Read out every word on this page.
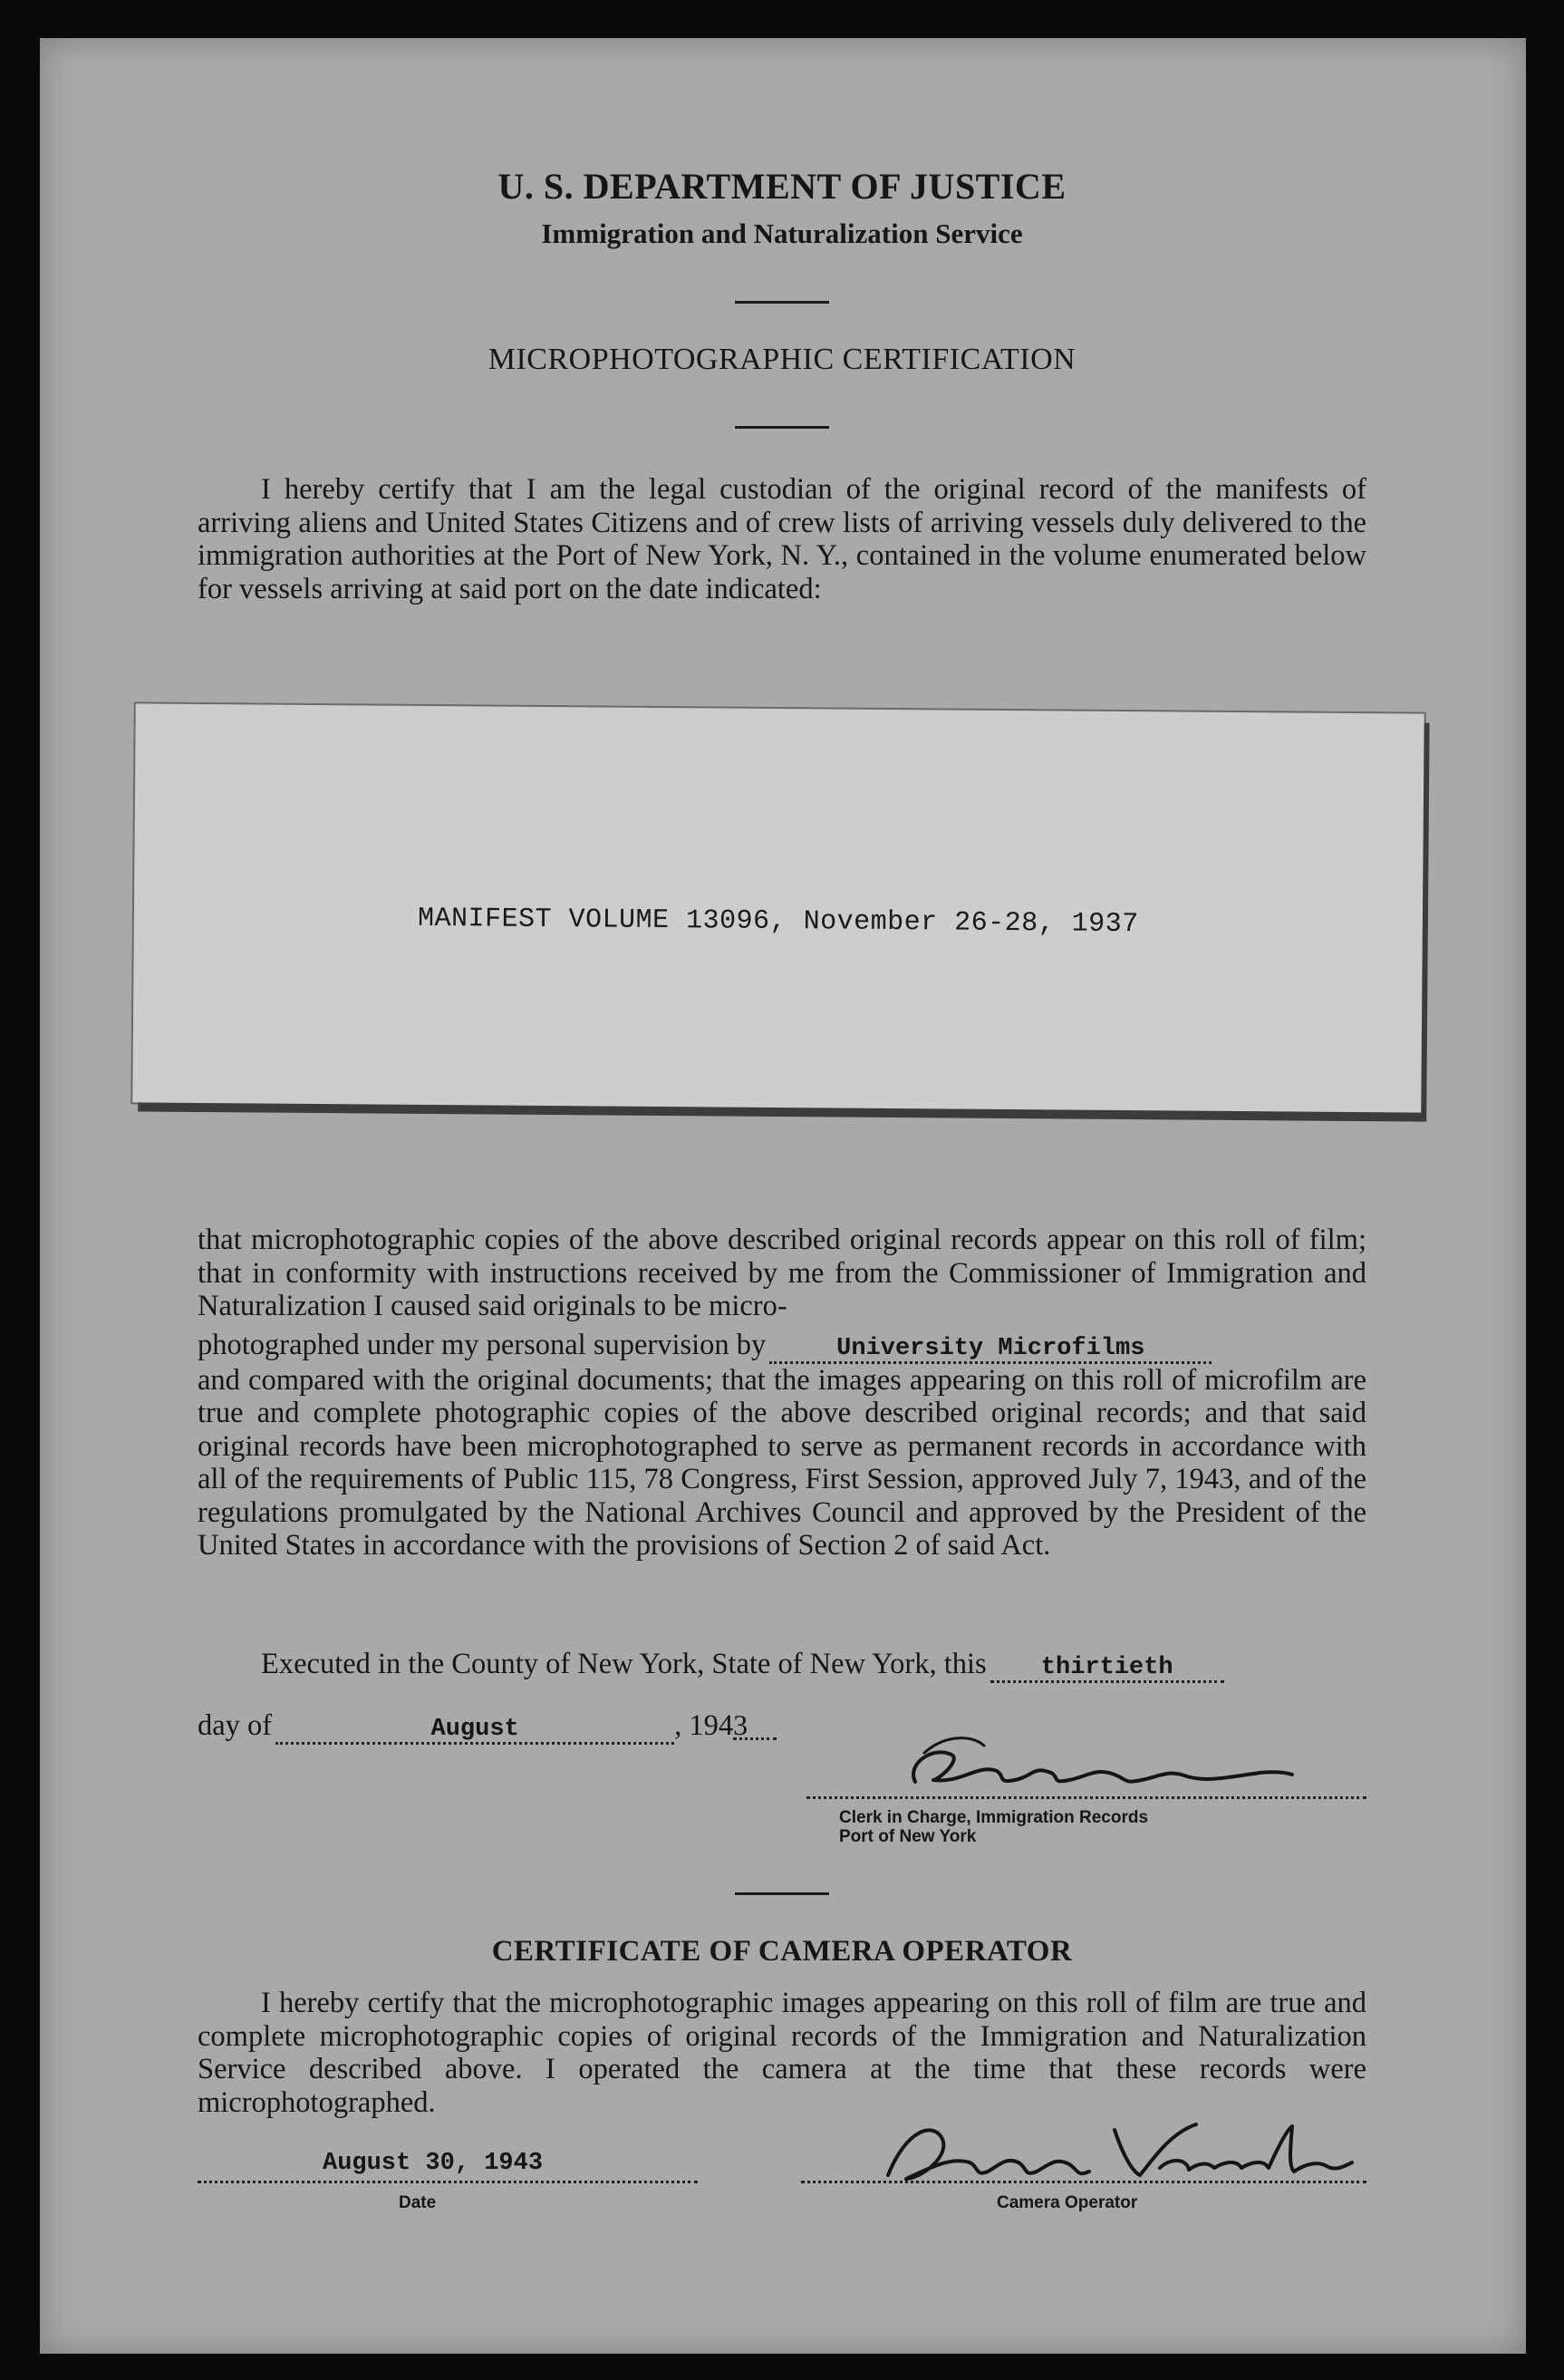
U. S. DEPARTMENT OF JUSTICE
Immigration and Naturalization Service
MICROPHOTOGRAPHIC CERTIFICATION

I hereby certify that I am the legal custodian of the original record of the manifests of arriving aliens and United States Citizens and of crew lists of arriving vessels duly delivered to the immigration authorities at the Port of New York, N. Y., contained in the volume enumerated below for vessels arriving at said port on the date indicated:

MANIFEST VOLUME 13096, November 26-28, 1937

that microphotographic copies of the above described original records appear on this roll of film; that in conformity with instructions received by me from the Commissioner of Immigration and Naturalization I caused said originals to be micro-

photographed under my personal supervision by	University Microfilms

and compared with the original documents; that the images appearing on this roll of microfilm are true and complete photographic copies of the above described original records; and that said original records have been microphotographed to serve as permanent records in accordance with all of the requirements of Public 115, 78 Congress, First Session, approved July 7, 1943, and of the regulations promulgated by the National Archives Council and approved by the President of the United States in accordance with the provisions of Section 2 of said Act.

Executed in the County of New York, State of New York, this	thirtieth
day of	August	, 194 3
Clerk in Charge, Immigration Records
Port of New York
CERTIFICATE OF CAMERA OPERATOR

I hereby certify that the microphotographic images appearing on this roll of film are true and complete microphotographic copies of original records of the Immigration and Naturalization Service described above. I operated the camera at the time that these records were microphotographed.

August 30, 1943
Date	Camera Operator
